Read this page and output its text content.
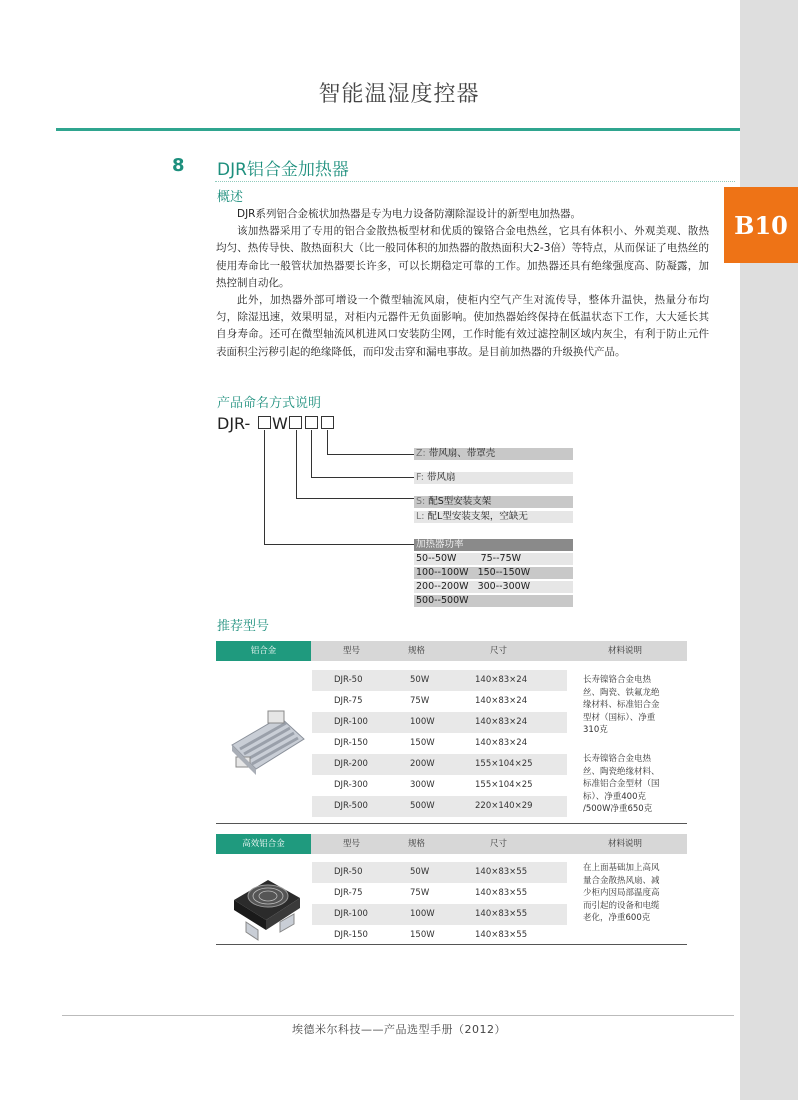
B10
智能温湿度控器
8 DJR铝合金加热器
概述

DJR系列铝合金梳状加热器是专为电力设备防潮除湿设计的新型电加热器。

该加热器采用了专用的铝合金散热板型材和优质的镍铬合金电热丝，它具有体积小、外观美观、散热均匀、热传导快、散热面积大（比一般同体积的加热器的散热面积大2-3倍）等特点，从而保证了电热丝的使用寿命比一般管状加热器要长许多，可以长期稳定可靠的工作。加热器还具有绝缘强度高、防凝露，加热控制自动化。

此外，加热器外部可增设一个微型轴流风扇，使柜内空气产生对流传导，整体升温快，热量分布均匀，除湿迅速，效果明显，对柜内元器件无负面影响。使加热器始终保持在低温状态下工作，大大延长其自身寿命。还可在微型轴流风机进风口安装防尘网，工作时能有效过滤控制区域内灰尘，有利于防止元件表面积尘污秽引起的绝缘降低，而印发击穿和漏电事故。是目前加热器的升级换代产品。

产品命名方式说明
DJR- W
Z: 带风扇、带罩壳
F: 带风扇
S: 配S型安装支架
L: 配L型安装支架，空缺无
加热器功率
50--50W        75--75W
100--100W   150--150W
200--200W   300--300W
500--500W
推荐型号
铝合金	型号	规格	尺寸	材料说明
DJR-50	50W	140×83×24
DJR-75	75W	140×83×24
DJR-100	100W	140×83×24
DJR-150	150W	140×83×24
DJR-200	200W	155×104×25
DJR-300	300W	155×104×25
DJR-500	500W	220×140×29
长寿镍铬合金电热
丝、陶瓷、铁氟龙绝
缘材料、标准铝合金
型材（国标）、净重
310克
长寿镍铬合金电热
丝、陶瓷绝缘材料、
标准铝合金型材（国
标）、净重400克
/500W净重650克
高效铝合金	型号	规格	尺寸	材料说明
DJR-50	50W	140×83×55
DJR-75	75W	140×83×55
DJR-100	100W	140×83×55
DJR-150	150W	140×83×55
在上面基础加上高风
量合金散热风扇、减
少柜内因局部温度高
而引起的设备和电缆
老化，净重600克
埃德米尔科技——产品选型手册（2012）
